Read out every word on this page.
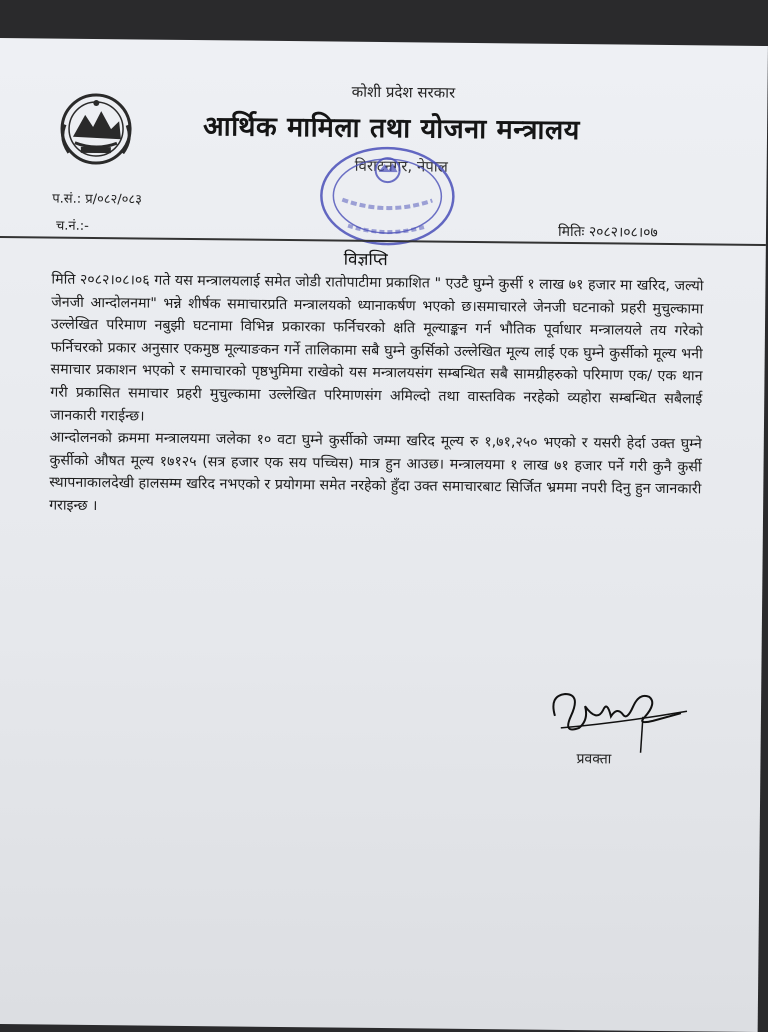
कोशी प्रदेश सरकार
आर्थिक मामिला तथा योजना मन्त्रालय
विराटनगर, नेपाल
प.सं.: प्र/०८२/०८३
च.नं.:-	मितिः २०८२।०८।०७
विज्ञप्ति

मिति २०८२।०८।०६ गते यस मन्त्रालयलाई समेत जोडी रातोपाटीमा प्रकाशित " एउटै घुम्ने कुर्सी १ लाख ७१ हजार मा खरिद, जल्यो जेनजी आन्दोलनमा" भन्ने शीर्षक समाचारप्रति मन्त्रालयको ध्यानाकर्षण भएको छ।समाचारले जेनजी घटनाको प्रहरी मुचुल्कामा उल्लेखित परिमाण नबुझी घटनामा विभिन्न प्रकारका फर्निचरको क्षति मूल्याङ्कन गर्न भौतिक पूर्वाधार मन्त्रालयले तय गरेको फर्निचरको प्रकार अनुसार एकमुष्ठ मूल्याङकन गर्ने तालिकामा सबै घुम्ने कुर्सिको उल्लेखित मूल्य लाई एक घुम्ने कुर्सीको मूल्य भनी समाचार प्रकाशन भएको र समाचारको पृष्ठभुमिमा राखेको यस मन्त्रालयसंग सम्बन्धित सबै सामग्रीहरुको परिमाण एक/ एक थान गरी प्रकासित समाचार प्रहरी मुचुल्कामा उल्लेखित परिमाणसंग अमिल्दो तथा वास्तविक नरहेको व्यहोरा सम्बन्धित सबैलाई जानकारी गराईन्छ।

आन्दोलनको क्रममा मन्त्रालयमा जलेका १० वटा घुम्ने कुर्सीको जम्मा खरिद मूल्य रु १,७१,२५० भएको र यसरी हेर्दा उक्त घुम्ने कुर्सीको औषत मूल्य १७१२५ (सत्र हजार एक सय पच्चिस) मात्र हुन आउछ। मन्त्रालयमा १ लाख ७१ हजार पर्ने गरी कुनै कुर्सी स्थापनाकालदेखी हालसम्म खरिद नभएको र प्रयोगमा समेत नरहेको हुँदा उक्त समाचारबाट सिर्जित भ्रममा नपरी दिनु हुन जानकारी गराइन्छ ।

प्रवक्ता
